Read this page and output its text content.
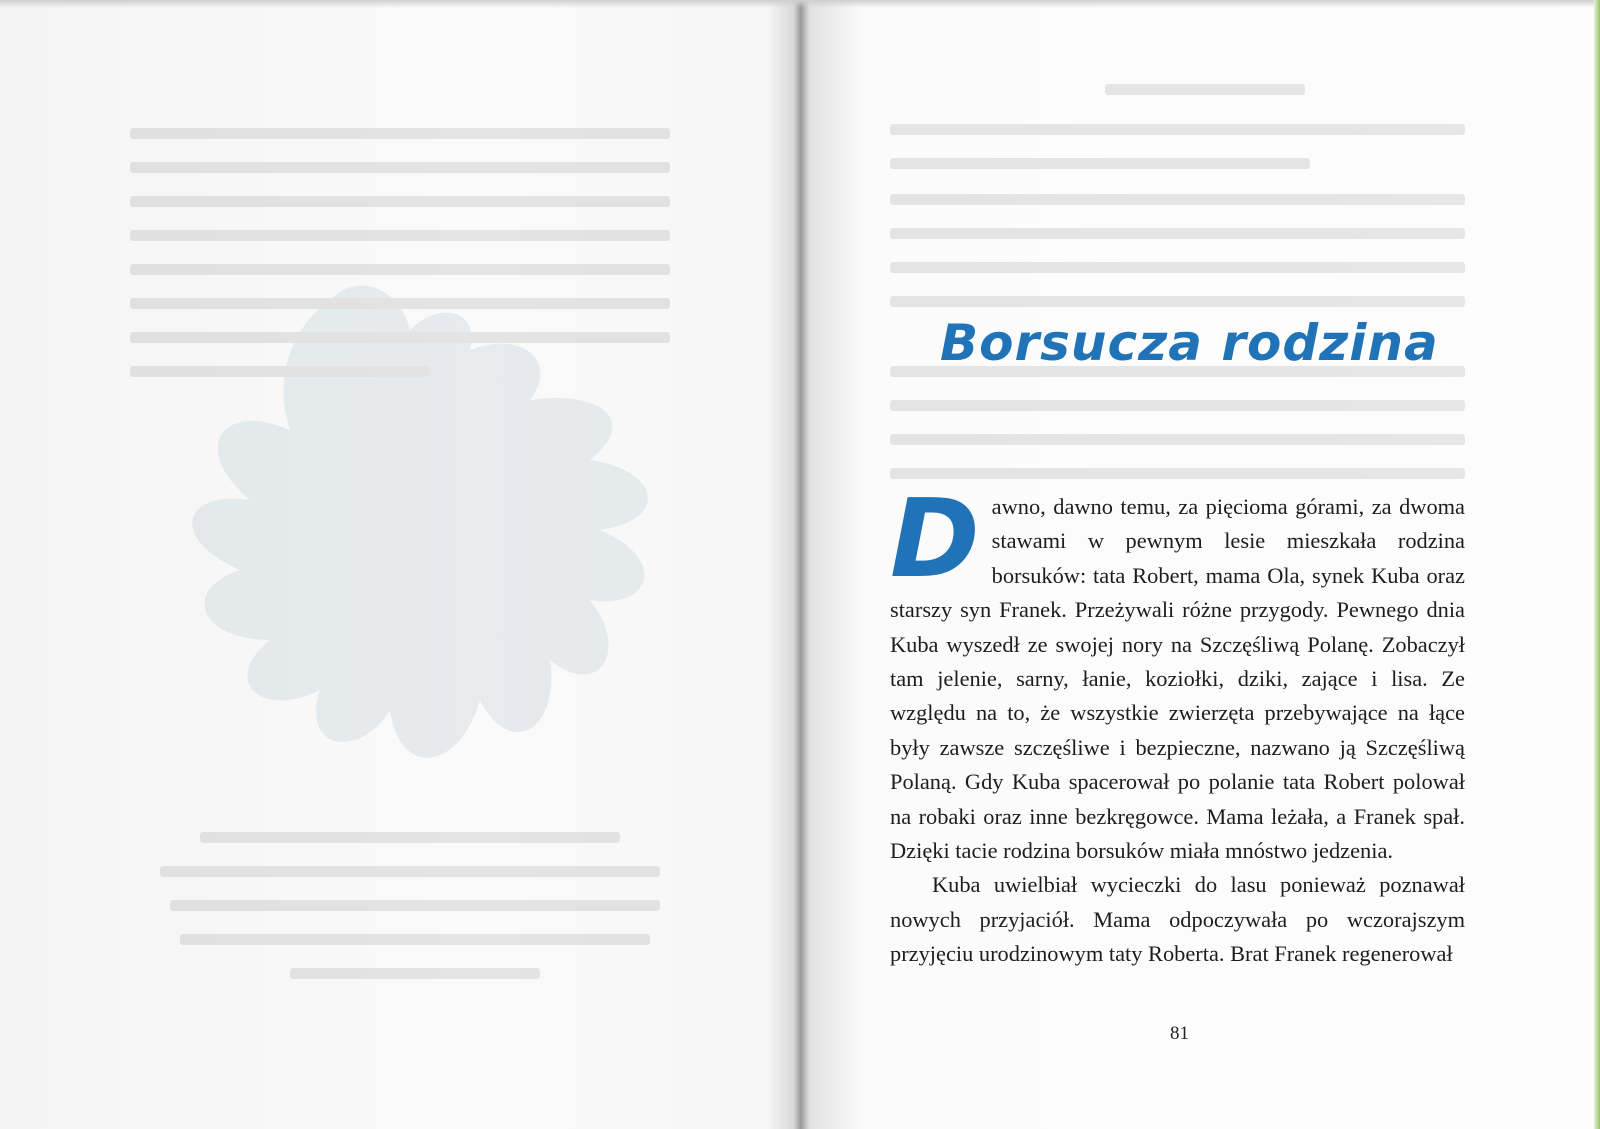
Borsucza rodzina

Dawno, dawno temu, za pięcioma górami, za dwoma stawami w pewnym lesie mieszkała rodzina borsuków: tata Robert, mama Ola, synek Kuba oraz starszy syn Franek. Przeżywali różne przygody. Pewnego dnia Kuba wyszedł ze swojej nory na Szczęśliwą Polanę. Zobaczył tam jelenie, sarny, łanie, koziołki, dziki, zające i lisa. Ze względu na to, że wszystkie zwierzęta przebywające na łące były zawsze szczęśliwe i bezpieczne, nazwano ją Szczęśliwą Polaną. Gdy Kuba spacerował po polanie tata Robert polował na robaki oraz inne bezkręgowce. Mama leżała, a Franek spał. Dzięki tacie rodzina borsuków miała mnóstwo jedzenia.

Kuba uwielbiał wycieczki do lasu ponieważ poznawał nowych przyjaciół. Mama odpoczywała po wczorajszym przyjęciu urodzinowym taty Roberta. Brat Franek regenerował

81
